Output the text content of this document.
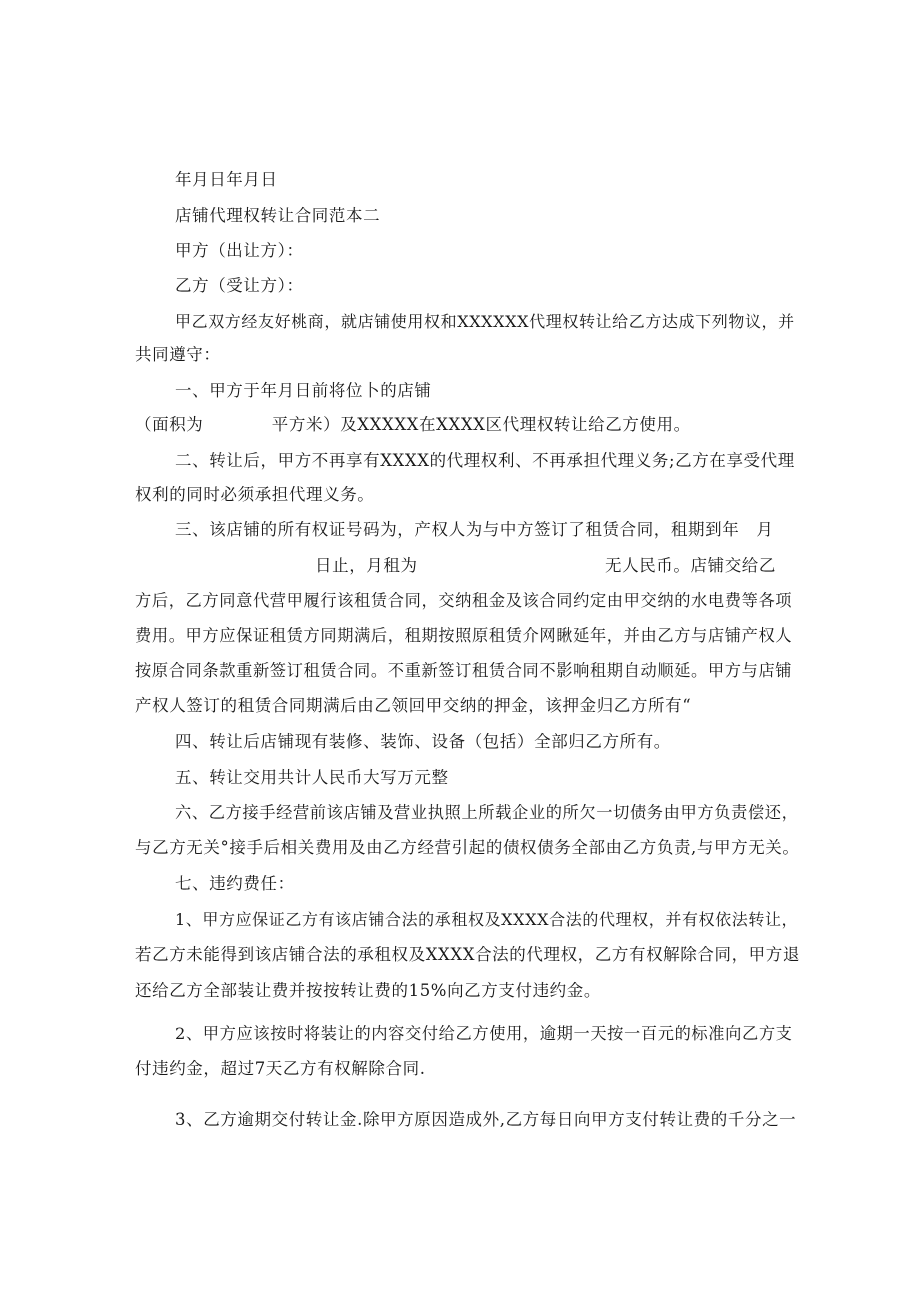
年月日年月日
店铺代理权转让合同范本二
甲方（出让方）：
乙方（受让方）：
甲乙双方经友好桃商，就店铺使用权和XXXXXX代理权转让给乙方达成下列物议，并
共同遵守：
一、甲方于年月日前将位卜的店铺
（面积为　　　　平方米）及XXXXX在XXXX区代理权转让给乙方使用。
二、转让后，甲方不再享有XXXX的代理权利、不再承担代理义务;乙方在享受代理
权利的同时必须承担代理义务。
三、该店铺的所有权证号码为，产权人为与中方签订了租赁合同，租期到年　月
日止，月租为	无人民币。店铺交给乙
方后，乙方同意代营甲履行该租赁合同，交纳租金及该合同约定由甲交纳的水电费等各项
费用。甲方应保证租赁方同期满后，租期按照原租赁介网瞅延年，并由乙方与店铺产权人
按原合同条款重新签订租赁合同。不重新签订租赁合同不影响租期自动顺延。甲方与店铺
产权人签订的租赁合同期满后由乙领回甲交纳的押金，该押金归乙方所有“
四、转让后店铺现有装修、装饰、设备（包括）全部归乙方所有。
五、转让交用共计人民币大写万元整
六、乙方接手经营前该店铺及营业执照上所载企业的所欠一切债务由甲方负责偿还，
与乙方无关°接手后相关费用及由乙方经营引起的债权债务全部由乙方负责,与甲方无关。
七、违约费任：
1、甲方应保证乙方有该店铺合法的承租权及XXXX合法的代理权，并有权依法转让，
若乙方未能得到该店铺合法的承租权及XXXX合法的代理权，乙方有权解除合同，甲方退
还给乙方全部装让费并按按转让费的15%向乙方支付违约金。
2、甲方应该按时将装让的内容交付给乙方使用，逾期一天按一百元的标准向乙方支
付违约金，超过7天乙方有权解除合同.
3、乙方逾期交付转让金.除甲方原因造成外,乙方每日向甲方支付转让费的千分之一
